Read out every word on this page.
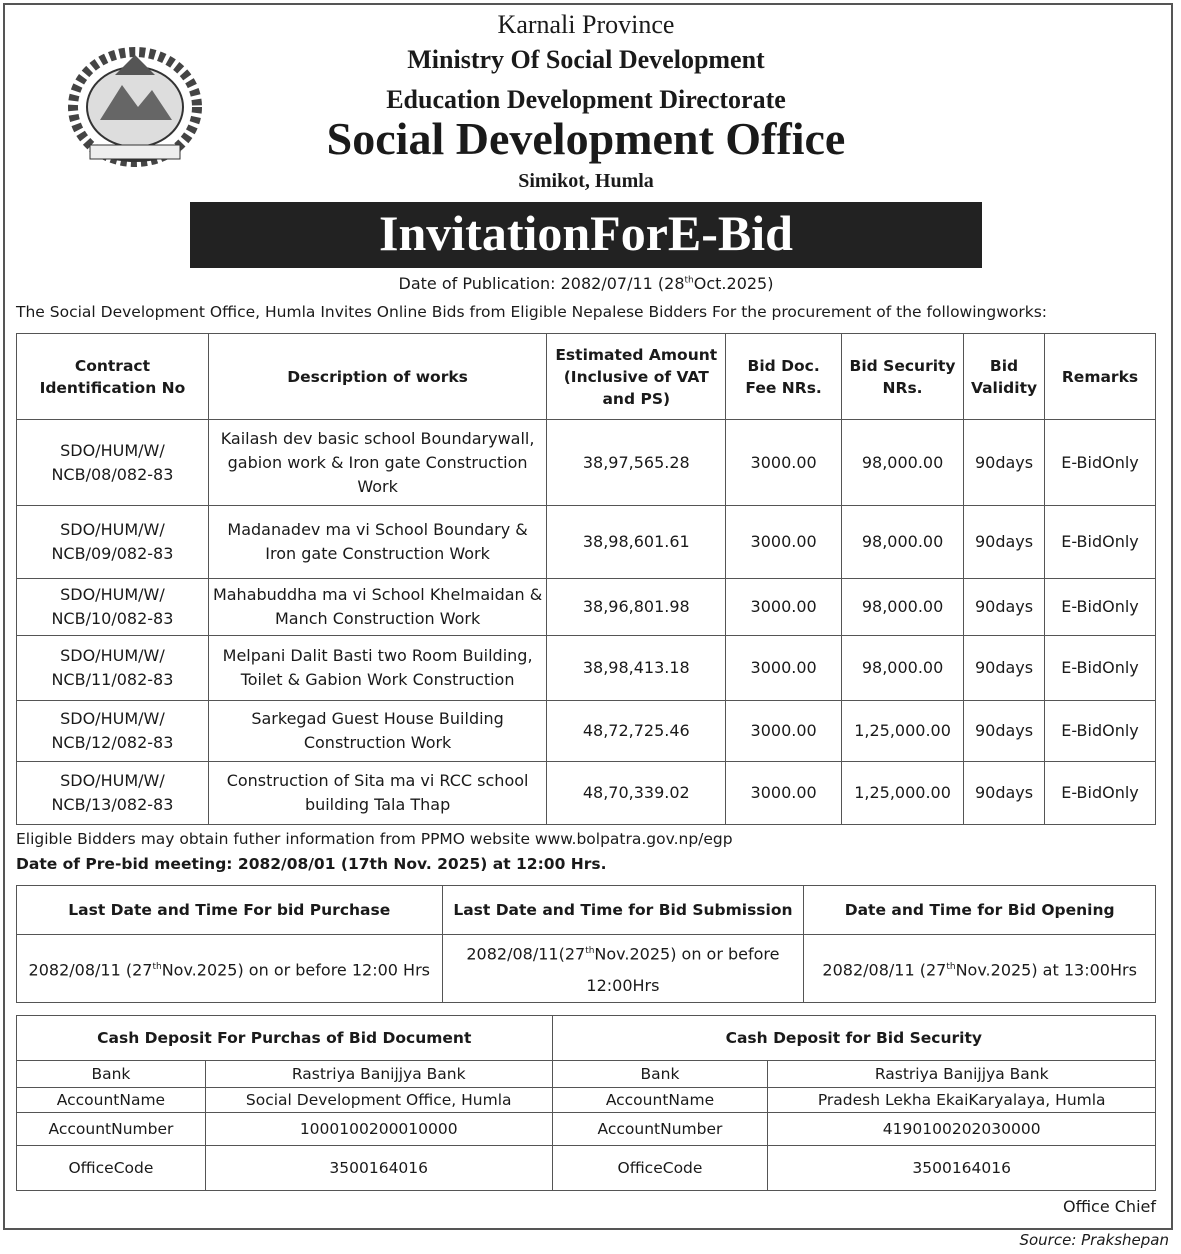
Karnali Province
Ministry Of Social Development
Education Development Directorate
Social Development Office
Simikot, Humla
InvitationForE-Bid
Date of Publication: 2082/07/11 (28thOct.2025)
The Social Development Office, Humla Invites Online Bids from Eligible Nepalese Bidders For the procurement of the followingworks:
Contract Identification No	Description of works	Estimated Amount (Inclusive of VAT and PS)	Bid Doc. Fee NRs.	Bid Security NRs.	Bid Validity	Remarks
SDO/HUM/W/ NCB/08/082-83	Kailash dev basic school Boundarywall, gabion work & Iron gate Construction Work	38,97,565.28	3000.00	98,000.00	90days	E-BidOnly
SDO/HUM/W/ NCB/09/082-83	Madanadev ma vi School Boundary & Iron gate Construction Work	38,98,601.61	3000.00	98,000.00	90days	E-BidOnly
SDO/HUM/W/ NCB/10/082-83	Mahabuddha ma vi School Khelmaidan & Manch Construction Work	38,96,801.98	3000.00	98,000.00	90days	E-BidOnly
SDO/HUM/W/ NCB/11/082-83	Melpani Dalit Basti two Room Building, Toilet & Gabion Work Construction	38,98,413.18	3000.00	98,000.00	90days	E-BidOnly
SDO/HUM/W/ NCB/12/082-83	Sarkegad Guest House Building Construction Work	48,72,725.46	3000.00	1,25,000.00	90days	E-BidOnly
SDO/HUM/W/ NCB/13/082-83	Construction of Sita ma vi RCC school building Tala Thap	48,70,339.02	3000.00	1,25,000.00	90days	E-BidOnly
Eligible Bidders may obtain futher information from PPMO website www.bolpatra.gov.np/egp
Date of Pre-bid meeting: 2082/08/01 (17th Nov. 2025) at 12:00 Hrs.
Last Date and Time For bid Purchase	Last Date and Time for Bid Submission	Date and Time for Bid Opening
2082/08/11 (27thNov.2025) on or before 12:00 Hrs	2082/08/11(27thNov.2025) on or before 12:00Hrs	2082/08/11 (27thNov.2025) at 13:00Hrs
Cash Deposit For Purchas of Bid Document		Cash Deposit for Bid Security	
Bank	Rastriya Banijjya Bank	Bank	Rastriya Banijjya Bank
AccountName	Social Development Office, Humla	AccountName	Pradesh Lekha EkaiKaryalaya, Humla
AccountNumber	1000100200010000	AccountNumber	4190100202030000
OfficeCode	3500164016	OfficeCode	3500164016
Office Chief
Source: Prakshepan
